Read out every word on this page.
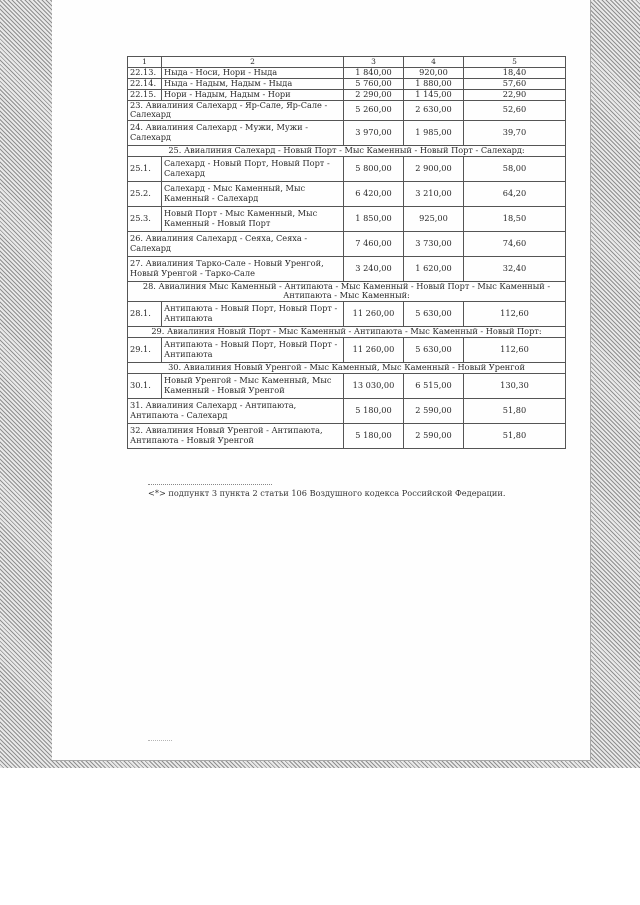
1	2	3	4	5
22.13.	Ныда - Носи, Нори - Ныда	1 840,00	920,00	18,40
22.14.	Ныда - Надым, Надым - Ныда	5 760,00	1 880,00	57,60
22.15.	Нори - Надым, Надым - Нори	2 290,00	1 145,00	22,90
23. Авиалиния Салехард - Яр-Сале, Яр-Сале - Салехард		5 260,00	2 630,00	52,60
24. Авиалиния Салехард - Мужи, Мужи - Салехард		3 970,00	1 985,00	39,70
25. Авиалиния Салехард - Новый Порт - Мыс Каменный - Новый Порт - Салехард:				
25.1.	Салехард - Новый Порт, Новый Порт - Салехард	5 800,00	2 900,00	58,00
25.2.	Салехард - Мыс Каменный, Мыс Каменный - Салехард	6 420,00	3 210,00	64,20
25.3.	Новый Порт - Мыс Каменный, Мыс Каменный - Новый Порт	1 850,00	925,00	18,50
26. Авиалиния Салехард - Сеяха, Сеяха - Салехард		7 460,00	3 730,00	74,60
27. Авиалиния Тарко-Сале - Новый Уренгой, Новый Уренгой - Тарко-Сале		3 240,00	1 620,00	32,40
28. Авиалиния Мыс Каменный - Антипаюта - Мыс Каменный - Новый Порт - Мыс Каменный - Антипаюта - Мыс Каменный:				
28.1.	Антипаюта - Новый Порт, Новый Порт - Антипаюта	11 260,00	5 630,00	112,60
29. Авиалиния Новый Порт - Мыс Каменный - Антипаюта - Мыс Каменный - Новый Порт:				
29.1.	Антипаюта - Новый Порт, Новый Порт - Антипаюта	11 260,00	5 630,00	112,60
30. Авиалиния Новый Уренгой - Мыс Каменный, Мыс Каменный - Новый Уренгой				
30.1.	Новый Уренгой - Мыс Каменный, Мыс Каменный - Новый Уренгой	13 030,00	6 515,00	130,30
31. Авиалиния Салехард - Антипаюта, Антипаюта - Салехард		5 180,00	2 590,00	51,80
32. Авиалиния Новый Уренгой - Антипаюта, Антипаюта - Новый Уренгой		5 180,00	2 590,00	51,80
<*> подпункт 3 пункта 2 статьи 106 Воздушного кодекса Российской Федерации.
